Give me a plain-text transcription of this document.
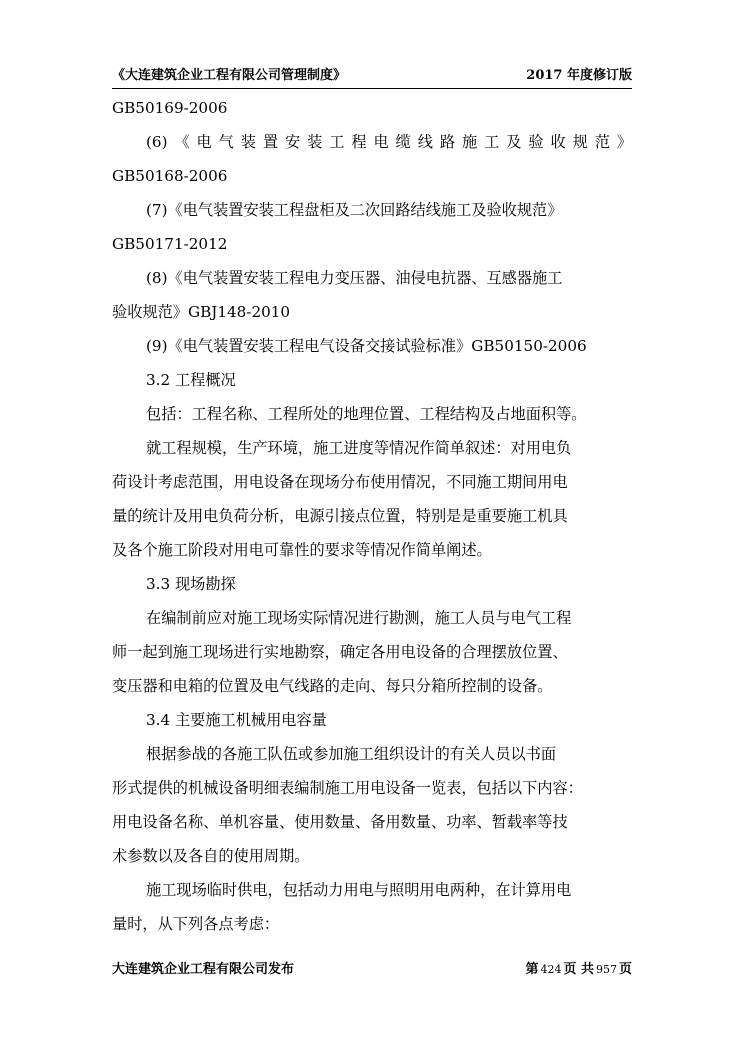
《大连建筑企业工程有限公司管理制度》	2017 年度修订版
GB50169-2006
(6)《电气装置安装工程电缆线路施工及验收规范》
GB50168-2006
(7)《电气装置安装工程盘柜及二次回路结线施工及验收规范》
GB50171-2012
(8)《电气装置安装工程电力变压器、油侵电抗器、互感器施工
验收规范》GBJ148-2010
(9)《电气装置安装工程电气设备交接试验标准》GB50150-2006
3.2 工程概况
包括：工程名称、工程所处的地理位置、工程结构及占地面积等。
就工程规模，生产环境，施工进度等情况作简单叙述：对用电负
荷设计考虑范围，用电设备在现场分布使用情况，不同施工期间用电
量的统计及用电负荷分析，电源引接点位置，特别是是重要施工机具
及各个施工阶段对用电可靠性的要求等情况作简单阐述。
3.3 现场勘探
在编制前应对施工现场实际情况进行勘测，施工人员与电气工程
师一起到施工现场进行实地勘察，确定各用电设备的合理摆放位置、
变压器和电箱的位置及电气线路的走向、每只分箱所控制的设备。
3.4 主要施工机械用电容量
根据参战的各施工队伍或参加施工组织设计的有关人员以书面
形式提供的机械设备明细表编制施工用电设备一览表，包括以下内容：
用电设备名称、单机容量、使用数量、备用数量、功率、暂载率等技
术参数以及各自的使用周期。
施工现场临时供电，包括动力用电与照明用电两种，在计算用电
量时，从下列各点考虑：
大连建筑企业工程有限公司发布	第 424 页 共 957 页
